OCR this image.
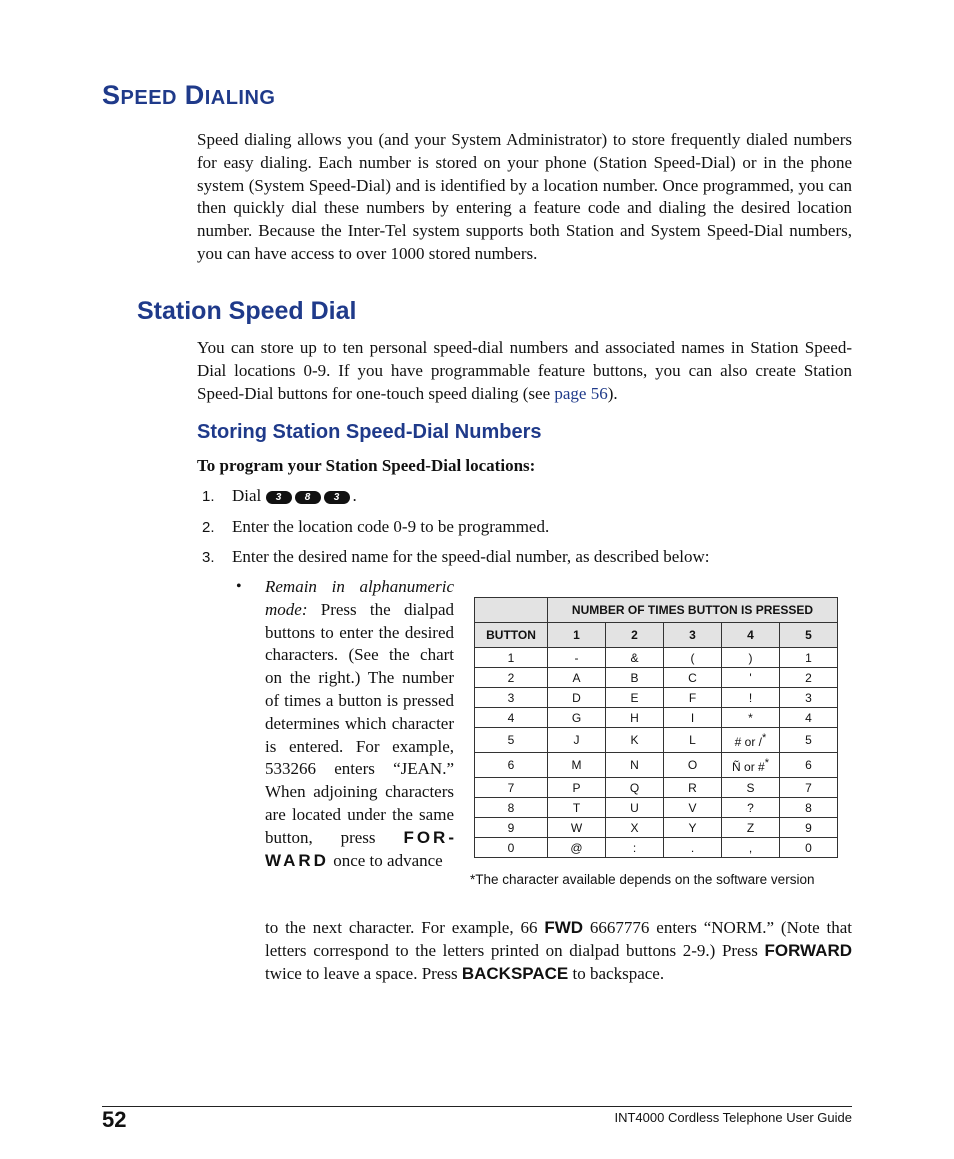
SPEED DIALING

Speed dialing allows you (and your System Administrator) to store frequently dialed numbers for easy dialing. Each number is stored on your phone (Station Speed-Dial) or in the phone system (System Speed-Dial) and is identified by a location number. Once programmed, you can then quickly dial these numbers by entering a feature code and dialing the desired location number. Because the Inter-Tel system supports both Station and System Speed-Dial numbers, you can have access to over 1000 stored numbers.

Station Speed Dial

You can store up to ten personal speed-dial numbers and associated names in Station Speed-Dial locations 0-9. If you have programmable feature buttons, you can also create Station Speed-Dial buttons for one-touch speed dialing (see page 56).

Storing Station Speed-Dial Numbers

To program your Station Speed-Dial locations:

1. Dial 3 8 3 .
2. Enter the location code 0-9 to be programmed.
3. Enter the desired name for the speed-dial number, as described below:
• Remain in alphanumeric mode: Press the dialpad buttons to enter the desired characters. (See the chart on the right.) The number of times a button is pressed determines which character is entered. For example, 533266 enters “JEAN.” When adjoining characters are located under the same button, press FORWARD once to advance

to the next character. For example, 66 FWD 6667776 enters “NORM.” (Note that letters correspond to the letters printed on dialpad buttons 2-9.) Press FORWARD twice to leave a space. Press BACKSPACE to backspace.

	NUMBER OF TIMES BUTTON IS PRESSED				
BUTTON	1	2	3	4	5
1	-	&	(	)	1
2	A	B	C	'	2
3	D	E	F	!	3
4	G	H	I	*	4
5	J	K	L	# or /*	5
6	M	N	O	Ñ or #*	6
7	P	Q	R	S	7
8	T	U	V	?	8
9	W	X	Y	Z	9
0	@	:	.	,	0
*The character available depends on the software version
52	INT4000 Cordless Telephone User Guide
